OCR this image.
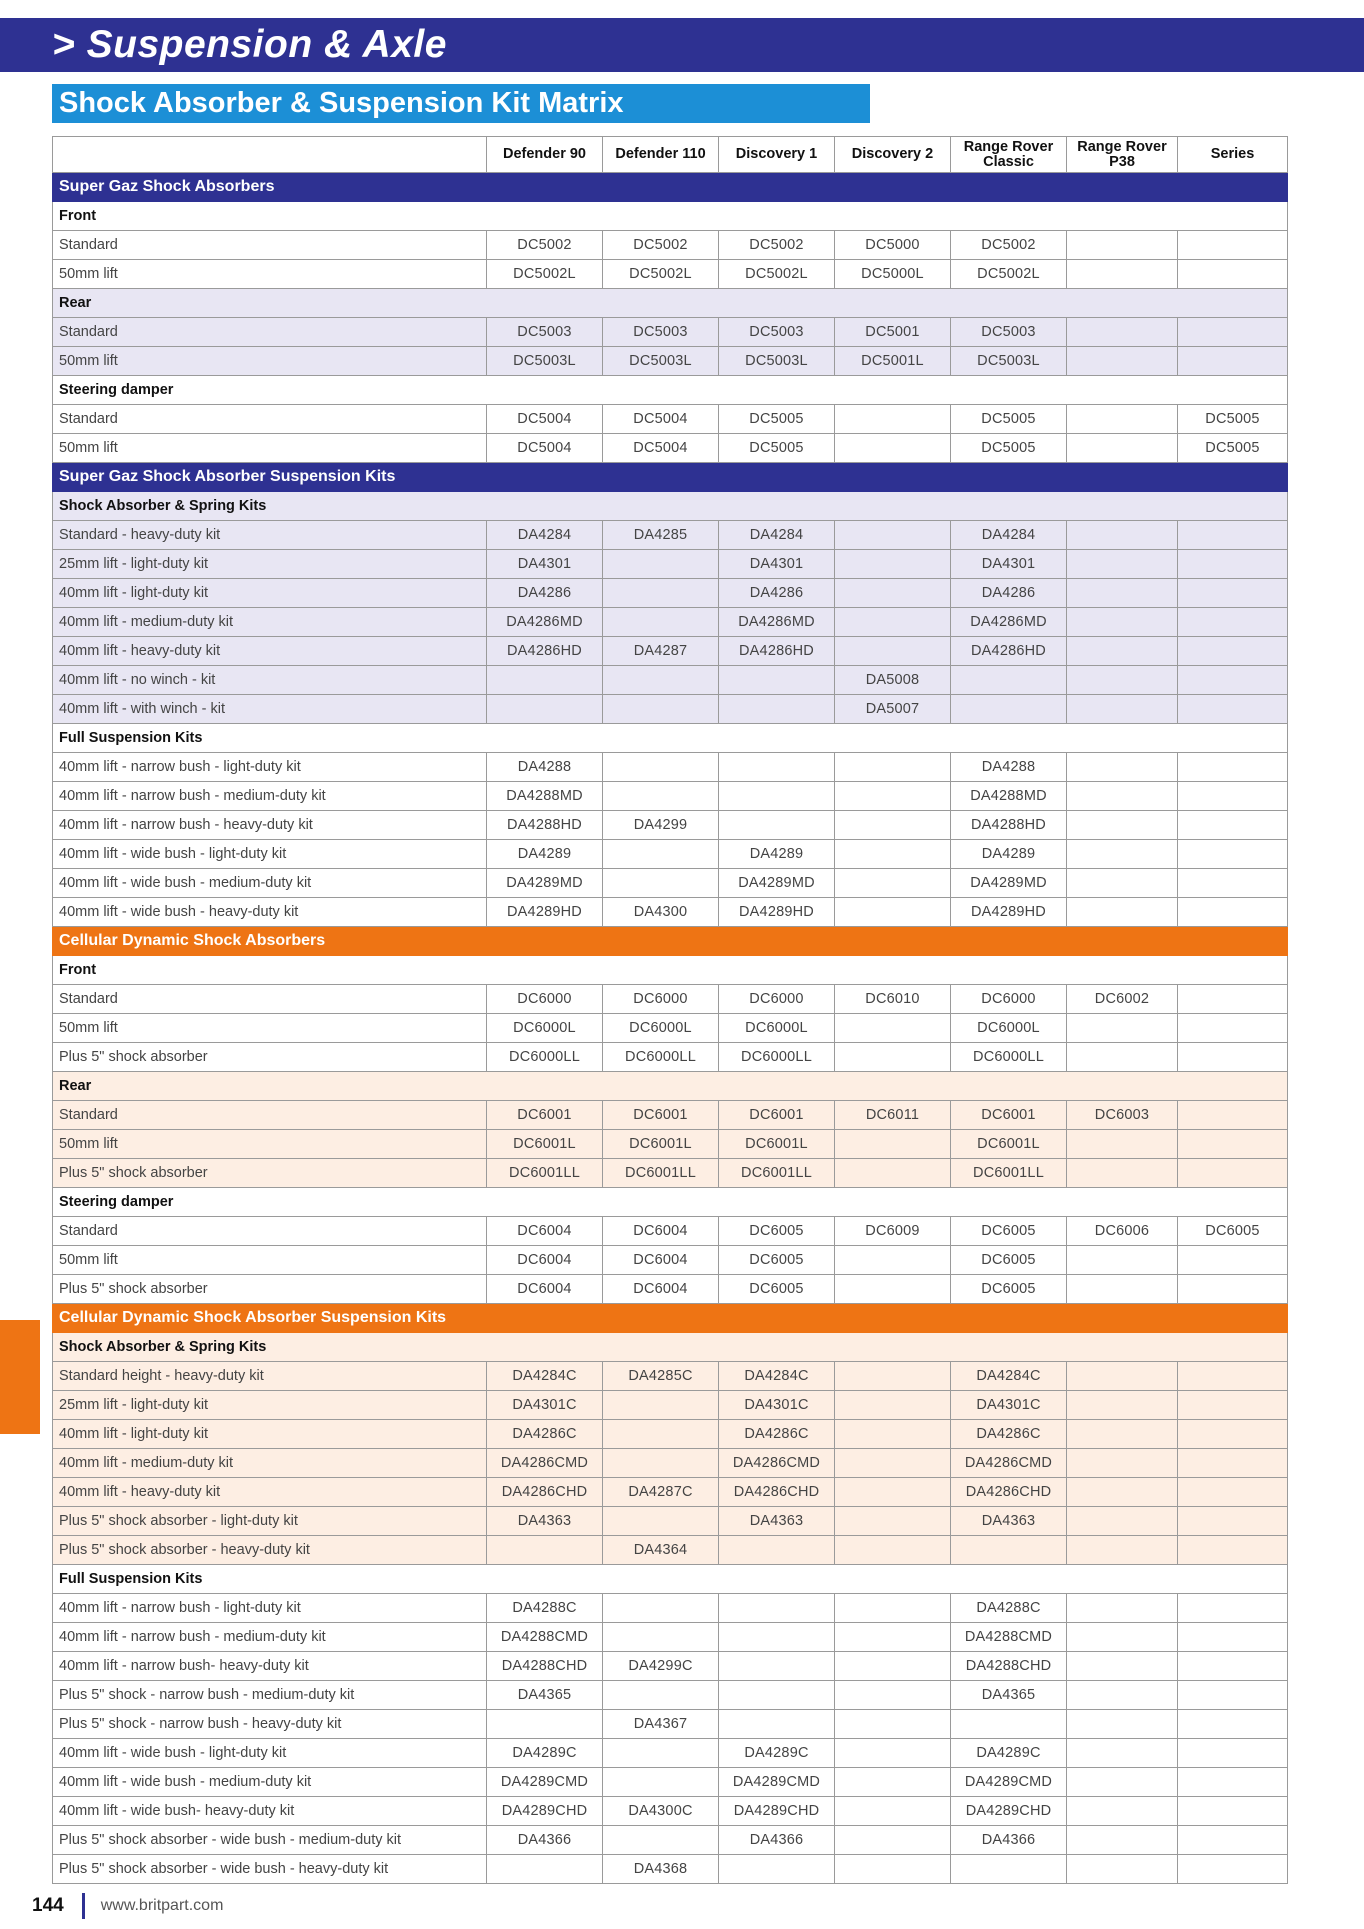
> Suspension & Axle
Shock Absorber & Suspension Kit Matrix
	Defender 90	Defender 110	Discovery 1	Discovery 2	Range Rover Classic	Range Rover P38	Series
Super Gaz Shock Absorbers							
Front							
Standard	DC5002	DC5002	DC5002	DC5000	DC5002		
50mm lift	DC5002L	DC5002L	DC5002L	DC5000L	DC5002L		
Rear							
Standard	DC5003	DC5003	DC5003	DC5001	DC5003		
50mm lift	DC5003L	DC5003L	DC5003L	DC5001L	DC5003L		
Steering damper							
Standard	DC5004	DC5004	DC5005		DC5005		DC5005
50mm lift	DC5004	DC5004	DC5005		DC5005		DC5005
Super Gaz Shock Absorber Suspension Kits							
Shock Absorber & Spring Kits							
Standard - heavy-duty kit	DA4284	DA4285	DA4284		DA4284		
25mm lift - light-duty kit	DA4301		DA4301		DA4301		
40mm lift - light-duty kit	DA4286		DA4286		DA4286		
40mm lift - medium-duty kit	DA4286MD		DA4286MD		DA4286MD		
40mm lift - heavy-duty kit	DA4286HD	DA4287	DA4286HD		DA4286HD		
40mm lift - no winch - kit				DA5008			
40mm lift - with winch - kit				DA5007			
Full Suspension Kits							
40mm lift - narrow bush - light-duty kit	DA4288				DA4288		
40mm lift - narrow bush - medium-duty kit	DA4288MD				DA4288MD		
40mm lift - narrow bush - heavy-duty kit	DA4288HD	DA4299			DA4288HD		
40mm lift - wide bush - light-duty kit	DA4289		DA4289		DA4289		
40mm lift - wide bush - medium-duty kit	DA4289MD		DA4289MD		DA4289MD		
40mm lift - wide bush - heavy-duty kit	DA4289HD	DA4300	DA4289HD		DA4289HD		
Cellular Dynamic Shock Absorbers							
Front							
Standard	DC6000	DC6000	DC6000	DC6010	DC6000	DC6002	
50mm lift	DC6000L	DC6000L	DC6000L		DC6000L		
Plus 5" shock absorber	DC6000LL	DC6000LL	DC6000LL		DC6000LL		
Rear							
Standard	DC6001	DC6001	DC6001	DC6011	DC6001	DC6003	
50mm lift	DC6001L	DC6001L	DC6001L		DC6001L		
Plus 5" shock absorber	DC6001LL	DC6001LL	DC6001LL		DC6001LL		
Steering damper							
Standard	DC6004	DC6004	DC6005	DC6009	DC6005	DC6006	DC6005
50mm lift	DC6004	DC6004	DC6005		DC6005		
Plus 5" shock absorber	DC6004	DC6004	DC6005		DC6005		
Cellular Dynamic Shock Absorber Suspension Kits							
Shock Absorber & Spring Kits							
Standard height - heavy-duty kit	DA4284C	DA4285C	DA4284C		DA4284C		
25mm lift - light-duty kit	DA4301C		DA4301C		DA4301C		
40mm lift - light-duty kit	DA4286C		DA4286C		DA4286C		
40mm lift - medium-duty kit	DA4286CMD		DA4286CMD		DA4286CMD		
40mm lift - heavy-duty kit	DA4286CHD	DA4287C	DA4286CHD		DA4286CHD		
Plus 5" shock absorber - light-duty kit	DA4363		DA4363		DA4363		
Plus 5" shock absorber - heavy-duty kit		DA4364					
Full Suspension Kits							
40mm lift - narrow bush - light-duty kit	DA4288C				DA4288C		
40mm lift - narrow bush - medium-duty kit	DA4288CMD				DA4288CMD		
40mm lift - narrow bush- heavy-duty kit	DA4288CHD	DA4299C			DA4288CHD		
Plus 5" shock - narrow bush - medium-duty kit	DA4365				DA4365		
Plus 5" shock - narrow bush - heavy-duty kit		DA4367					
40mm lift - wide bush - light-duty kit	DA4289C		DA4289C		DA4289C		
40mm lift - wide bush - medium-duty kit	DA4289CMD		DA4289CMD		DA4289CMD		
40mm lift - wide bush- heavy-duty kit	DA4289CHD	DA4300C	DA4289CHD		DA4289CHD		
Plus 5" shock absorber - wide bush - medium-duty kit	DA4366		DA4366		DA4366		
Plus 5" shock absorber - wide bush - heavy-duty kit		DA4368					
144 www.britpart.com
